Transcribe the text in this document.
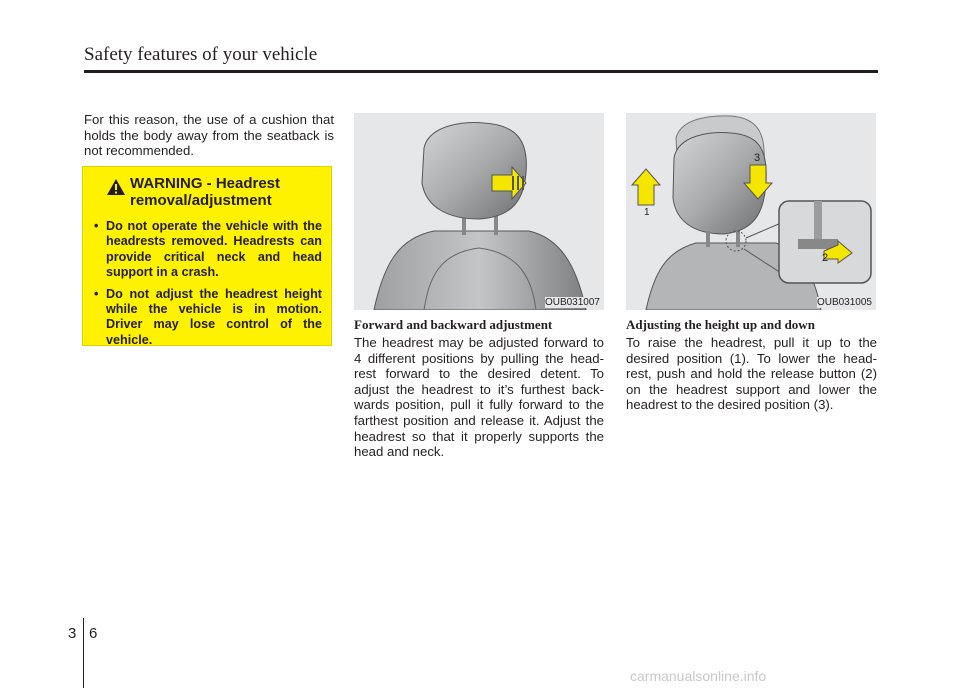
Safety features of your vehicle
For this reason, the use of a cushion that holds the body away from the seatback is not recommended.
WARNING - Headrest removal/adjustment
• Do not operate the vehicle with the headrests removed. Headrests can provide critical neck and head support in a crash.
• Do not adjust the headrest height while the vehicle is in motion. Driver may lose control of the vehicle.
OUB031007
1
2
3
OUB031005
Forward and backward adjustment
The headrest may be adjusted forward to 4 different positions by pulling the head-rest forward to the desired detent. To adjust the headrest to it’s furthest back-wards position, pull it fully forward to the farthest position and release it. Adjust the headrest so that it properly supports the head and neck.
Adjusting the height up and down
To raise the headrest, pull it up to the desired position (1). To lower the head-rest, push and hold the release button (2) on the headrest support and lower the headrest to the desired position (3).
3 6
carmanualsonline.info
